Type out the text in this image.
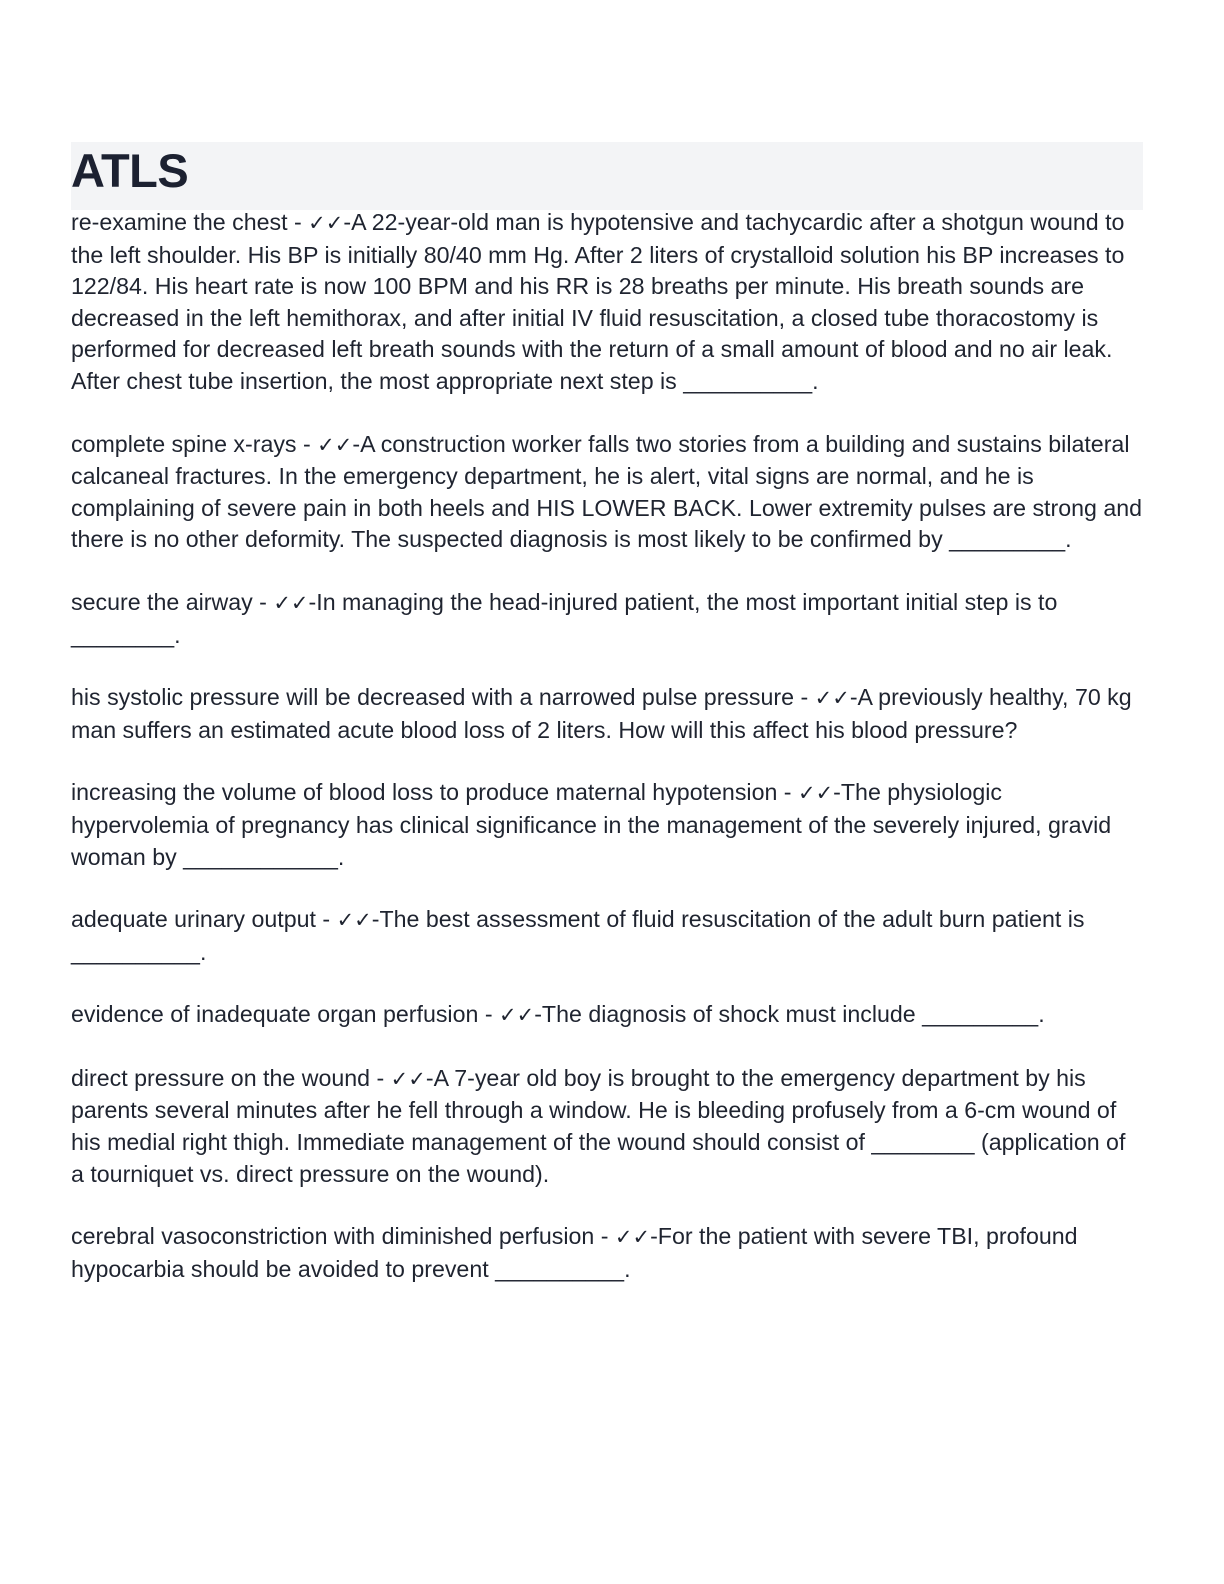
ATLS

re-examine the chest - ✓✓-A 22-year-old man is hypotensive and tachycardic after a shotgun wound to the left shoulder. His BP is initially 80/40 mm Hg. After 2 liters of crystalloid solution his BP increases to 122/84. His heart rate is now 100 BPM and his RR is 28 breaths per minute. His breath sounds are decreased in the left hemithorax, and after initial IV fluid resuscitation, a closed tube thoracostomy is performed for decreased left breath sounds with the return of a small amount of blood and no air leak. After chest tube insertion, the most appropriate next step is __________.

complete spine x-rays - ✓✓-A construction worker falls two stories from a building and sustains bilateral calcaneal fractures. In the emergency department, he is alert, vital signs are normal, and he is complaining of severe pain in both heels and HIS LOWER BACK. Lower extremity pulses are strong and there is no other deformity. The suspected diagnosis is most likely to be confirmed by _________.

secure the airway - ✓✓-In managing the head-injured patient, the most important initial step is to ________.

his systolic pressure will be decreased with a narrowed pulse pressure - ✓✓-A previously healthy, 70 kg man suffers an estimated acute blood loss of 2 liters. How will this affect his blood pressure?

increasing the volume of blood loss to produce maternal hypotension - ✓✓-The physiologic hypervolemia of pregnancy has clinical significance in the management of the severely injured, gravid woman by ____________.

adequate urinary output - ✓✓-The best assessment of fluid resuscitation of the adult burn patient is __________.

evidence of inadequate organ perfusion - ✓✓-The diagnosis of shock must include _________.

direct pressure on the wound - ✓✓-A 7-year old boy is brought to the emergency department by his parents several minutes after he fell through a window. He is bleeding profusely from a 6-cm wound of his medial right thigh. Immediate management of the wound should consist of ________ (application of a tourniquet vs. direct pressure on the wound).

cerebral vasoconstriction with diminished perfusion - ✓✓-For the patient with severe TBI, profound hypocarbia should be avoided to prevent __________.
